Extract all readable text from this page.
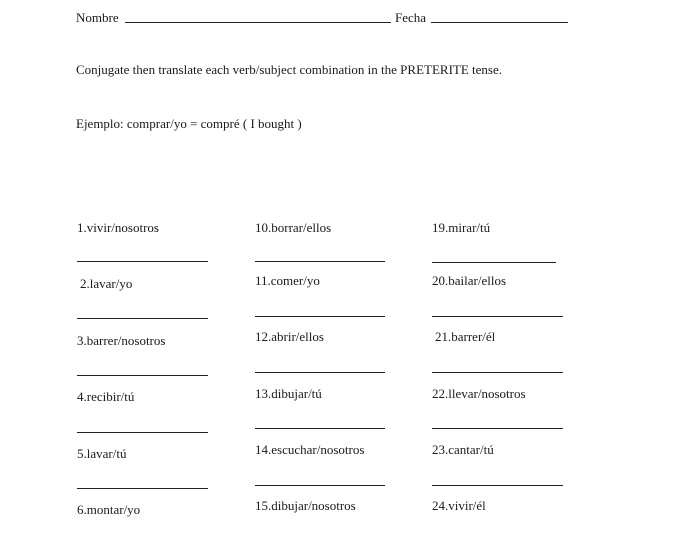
Nombre	Fecha
Conjugate then translate each verb/subject combination in the PRETERITE tense.
Ejemplo: comprar/yo = compré ( I bought )
1.vivir/nosotros
2.lavar/yo
3.barrer/nosotros
4.recibir/tú
5.lavar/tú
6.montar/yo
10.borrar/ellos
11.comer/yo
12.abrir/ellos
13.dibujar/tú
14.escuchar/nosotros
15.dibujar/nosotros
19.mirar/tú
20.bailar/ellos
21.barrer/él
22.llevar/nosotros
23.cantar/tú
24.vivir/él
